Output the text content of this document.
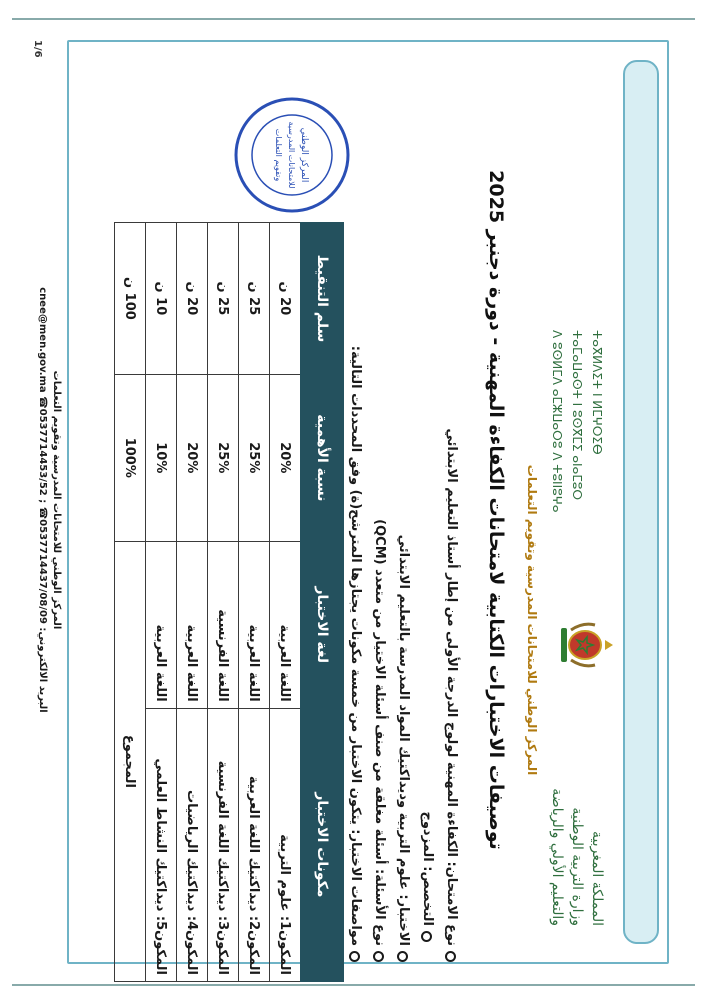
المملكة المغربية
وزارة التربية الوطنية
والتعليم الأولي والرياضة
ⵜⴰⴳⵍⴷⵉⵜ ⵏ ⵍⵎⵖⵔⵉⴱ
ⵜⴰⵎⴰⵡⴰⵙⵜ ⵏ ⵓⵙⴳⵎⵉ ⴰⵏⴰⵎⵓⵔ
ⴷ ⵓⵙⵍⵎⴷ ⴰⵎⵣⵡⴰⵔⵓ ⴷ ⵜⵓⵏⵏⵓⵖⴰ
المركز الوطني للامتحانات المدرسية وتقويم التعلمات
توصيفات الاختبارات الكتابية لامتحانات الكفاءة المهنية - دورة دجنبر 2025

نوع الامتحان: الكفاءة المهنية لولوج الدرجة الأولى من إطار أستاذ التعليم الابتدائي

التخصص: المزدوج

الاختبار: علوم التربية وديداكتيك المواد المدرسة بالتعليم الابتدائي

نوع الأسئلة: أسئلة مغلقة من صنف أسئلة الاختيار من متعدد (QCM)

مواصفات الاختبار: يتكون الاختبار من خمسة مكونات يجتازها المترشح(ة) وفق المحددات التالية:

المركز الوطني
للامتحانات المدرسية
وتقويم التعلمات
مكونات الاختبار	لغة الاختبار	نسبة الأهمية	سلم التنقيط
المكون1: علوم التربية	اللغة العربية	20%	20 ن
المكون2: ديداكتيك اللغة العربية	اللغة العربية	25%	25 ن
المكون3: ديداكتيك اللغة الفرنسية	اللغة الفرنسية	25%	25 ن
المكون4: ديداكتيك الرياضيات	اللغة العربية	20%	20 ن
المكون5: ديداكتيك النشاط العلمي	اللغة العربية	10%	10 ن
المجموع		100%	100 ن
المركز الوطني للامتحانات المدرسية وتقويم التعلمات
البريد الالكتروني: cnee@men.gov.ma ☎0537714453/52 ; ☎0537714437/08/09
1/6
